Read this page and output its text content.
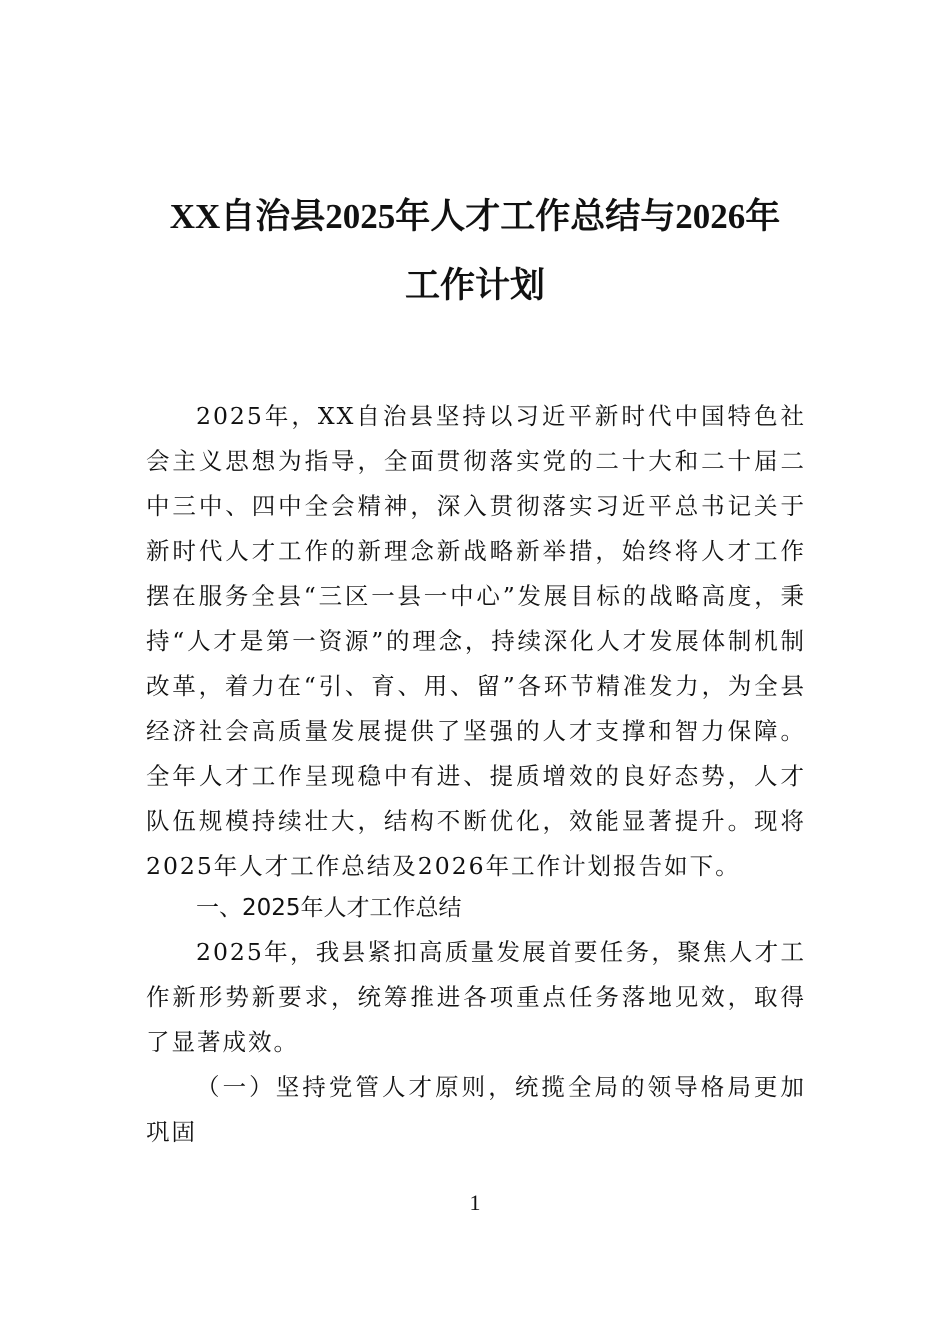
XX自治县2025年人才工作总结与2026年
工作计划

2025年，XX自治县坚持以习近平新时代中国特色社会主义思想为指导，全面贯彻落实党的二十大和二十届二中三中、四中全会精神，深入贯彻落实习近平总书记关于新时代人才工作的新理念新战略新举措，始终将人才工作摆在服务全县“三区一县一中心”发展目标的战略高度，秉持“人才是第一资源”的理念，持续深化人才发展体制机制改革，着力在“引、育、用、留”各环节精准发力，为全县经济社会高质量发展提供了坚强的人才支撑和智力保障。全年人才工作呈现稳中有进、提质增效的良好态势，人才队伍规模持续壮大，结构不断优化，效能显著提升。现将2025年人才工作总结及2026年工作计划报告如下。

一、2025年人才工作总结

2025年，我县紧扣高质量发展首要任务，聚焦人才工作新形势新要求，统筹推进各项重点任务落地见效，取得了显著成效。

（一）坚持党管人才原则，统揽全局的领导格局更加巩固
1
